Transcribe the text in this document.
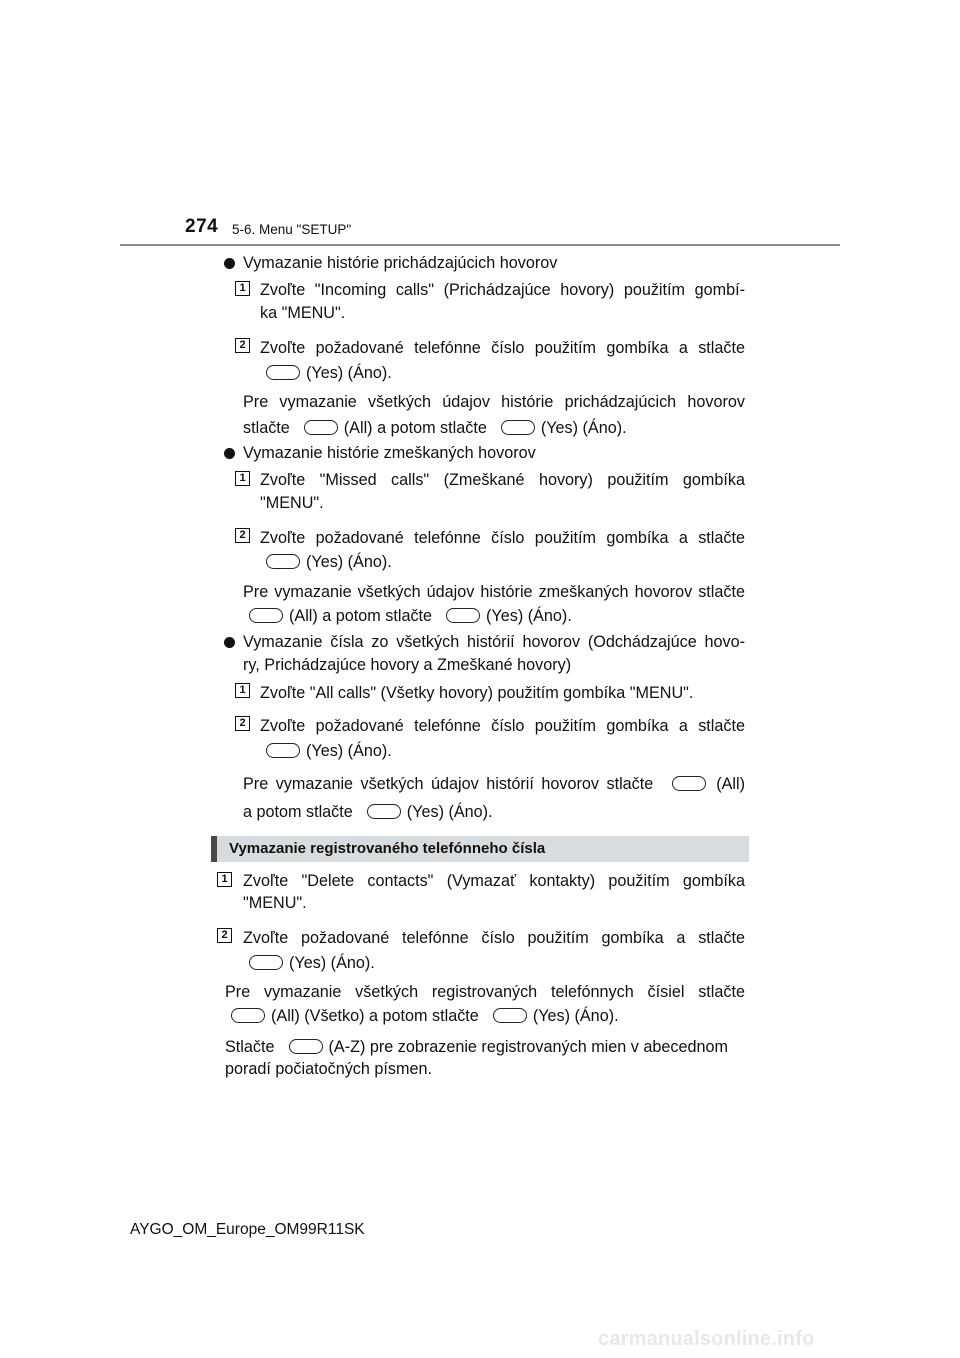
274 5-6. Menu "SETUP"
Vymazanie histórie prichádzajúcich hovorov
1 Zvoľte "Incoming calls" (Prichádzajúce hovory) použitím gombí-
ka "MENU".
2 Zvoľte požadované telefónne číslo použitím gombíka a stlačte
(Yes) (Áno).
Pre vymazanie všetkých údajov histórie prichádzajúcich hovorov
stlačte	(All) a potom stlačte	(Yes) (Áno).
Vymazanie histórie zmeškaných hovorov
1 Zvoľte "Missed calls" (Zmeškané hovory) použitím gombíka
"MENU".
2 Zvoľte požadované telefónne číslo použitím gombíka a stlačte
(Yes) (Áno).
Pre vymazanie všetkých údajov histórie zmeškaných hovorov stlačte
(All) a potom stlačte	(Yes) (Áno).
Vymazanie čísla zo všetkých histórií hovorov (Odchádzajúce hovo-
ry, Prichádzajúce hovory a Zmeškané hovory)
1 Zvoľte "All calls" (Všetky hovory) použitím gombíka "MENU".
2 Zvoľte požadované telefónne číslo použitím gombíka a stlačte
(Yes) (Áno).
Pre vymazanie všetkých údajov histórií hovorov stlačte	(All)
a potom stlačte	(Yes) (Áno).
Vymazanie registrovaného telefónneho čísla
1 Zvoľte "Delete contacts" (Vymazať kontakty) použitím gombíka
"MENU".
2 Zvoľte požadované telefónne číslo použitím gombíka a stlačte
(Yes) (Áno).
Pre vymazanie všetkých registrovaných telefónnych čísiel stlačte
(All) (Všetko) a potom stlačte	(Yes) (Áno).
Stlačte	(A-Z) pre zobrazenie registrovaných mien v abecednom
poradí počiatočných písmen.
AYGO_OM_Europe_OM99R11SK
carmanualsonline.info
